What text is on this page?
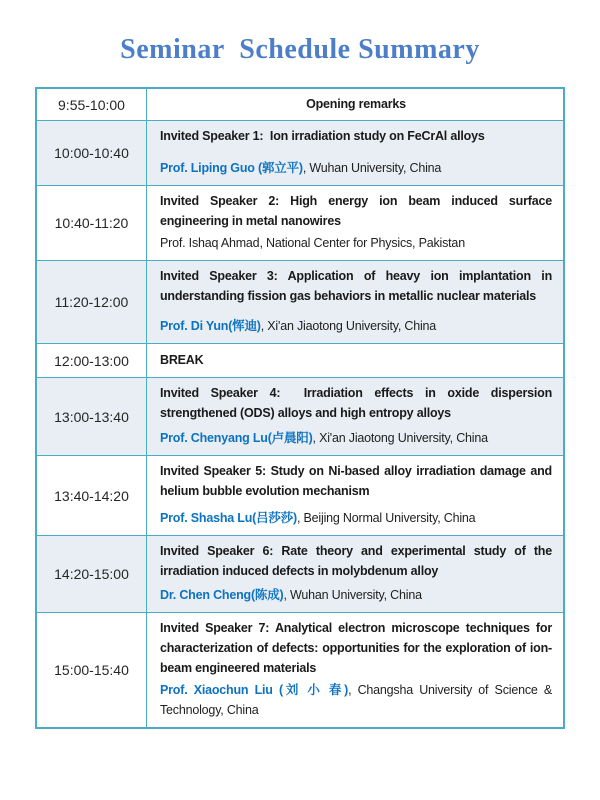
Seminar  Schedule Summary
9:55-10:00	Opening remarks

10:00-10:40

Invited Speaker 1:  Ion irradiation study on FeCrAl alloys

Prof. Liping Guo (郭立平), Wuhan University, China

10:40-11:20

Invited Speaker 2: High energy ion beam induced surface engineering in metal nanowires

Prof. Ishaq Ahmad, National Center for Physics, Pakistan

11:20-12:00

Invited Speaker 3: Application of heavy ion implantation in understanding fission gas behaviors in metallic nuclear materials

Prof. Di Yun(恽迪), Xi'an Jiaotong University, China

12:00-13:00 BREAK

13:00-13:40

Invited Speaker 4:  Irradiation effects in oxide dispersion strengthened (ODS) alloys and high entropy alloys

Prof. Chenyang Lu(卢晨阳), Xi'an Jiaotong University, China

13:40-14:20

Invited Speaker 5: Study on Ni-based alloy irradiation damage and helium bubble evolution mechanism

Prof. Shasha Lu(吕莎莎), Beijing Normal University, China

14:20-15:00

Invited Speaker 6: Rate theory and experimental study of the irradiation induced defects in molybdenum alloy

Dr. Chen Cheng(陈成), Wuhan University, China

15:00-15:40

Invited Speaker 7: Analytical electron microscope techniques for characterization of defects: opportunities for the exploration of ion-beam engineered materials

Prof. Xiaochun Liu (刘 小 春), Changsha University of Science & Technology, China
